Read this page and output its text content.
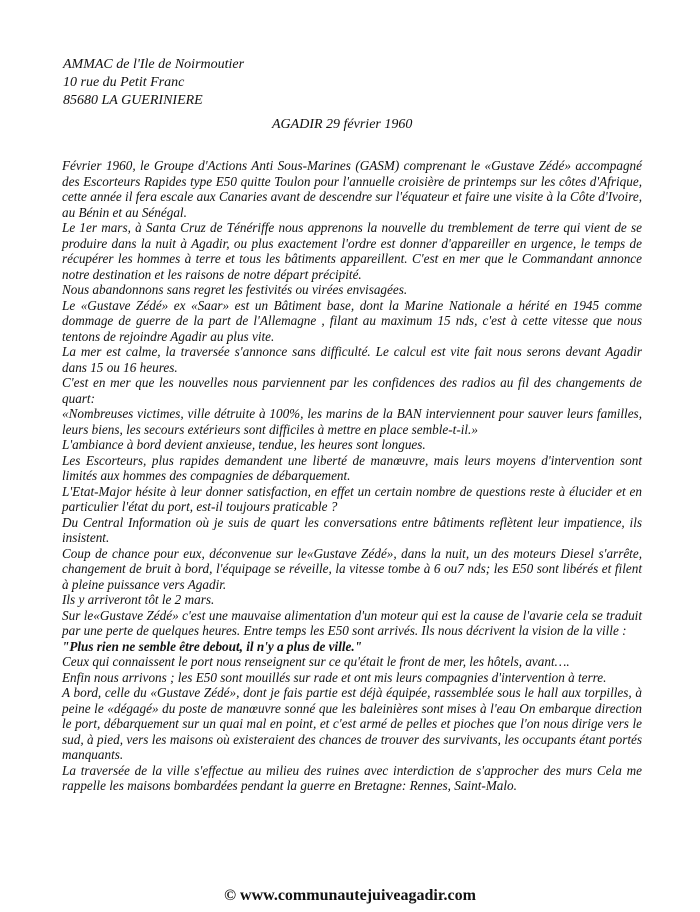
AMMAC de l'Ile de Noirmoutier
10 rue du Petit Franc
85680 LA GUERINIERE
AGADIR 29 février 1960

Février 1960, le Groupe d'Actions Anti Sous-Marines (GASM) comprenant le «Gustave Zédé» accompagné des Escorteurs Rapides type E50 quitte Toulon pour l'annuelle croisière de printemps sur les côtes d'Afrique, cette année il fera escale aux Canaries avant de descendre sur l'équateur et faire une visite à la Côte d'Ivoire, au Bénin et au Sénégal.

Le 1er mars, à Santa Cruz de Ténériffe nous apprenons la nouvelle du tremblement de terre qui vient de se produire dans la nuit à Agadir, ou plus exactement l'ordre est donner d'appareiller en urgence, le temps de récupérer les hommes à terre et tous les bâtiments appareillent. C'est en mer que le Commandant annonce notre destination et les raisons de notre départ précipité.

Nous abandonnons sans regret les festivités ou virées envisagées.

Le «Gustave Zédé» ex «Saar» est un Bâtiment base, dont la Marine Nationale a hérité en 1945 comme dommage de guerre de la part de l'Allemagne , filant au maximum 15 nds, c'est à cette vitesse que nous tentons de rejoindre Agadir au plus vite.

La mer est calme, la traversée s'annonce sans difficulté. Le calcul est vite fait nous serons devant Agadir dans 15 ou 16 heures.

C'est en mer que les nouvelles nous parviennent par les confidences des radios au fil des changements de quart:

«Nombreuses victimes, ville détruite à 100%, les marins de la BAN interviennent pour sauver leurs familles, leurs biens, les secours extérieurs sont difficiles à mettre en place semble-t-il.»

L'ambiance à bord devient anxieuse, tendue, les heures sont longues.

Les Escorteurs, plus rapides demandent une liberté de manœuvre, mais leurs moyens d'intervention sont limités aux hommes des compagnies de débarquement.

L'Etat-Major hésite à leur donner satisfaction, en effet un certain nombre de questions reste à élucider et en particulier l'état du port, est-il toujours praticable ?

Du Central Information où je suis de quart les conversations entre bâtiments reflètent leur impatience, ils insistent.

Coup de chance pour eux, déconvenue sur le«Gustave Zédé», dans la nuit, un des moteurs Diesel s'arrête, changement de bruit à bord, l'équipage se réveille, la vitesse tombe à 6 ou7 nds; les E50 sont libérés et filent à pleine puissance vers Agadir.

Ils y arriveront tôt le 2 mars.

Sur le«Gustave Zédé» c'est une mauvaise alimentation d'un moteur qui est la cause de l'avarie cela se traduit par une perte de quelques heures. Entre temps les E50 sont arrivés. Ils nous décrivent la vision de la ville :

"Plus rien ne semble être debout, il n'y a plus de ville."

Ceux qui connaissent le port nous renseignent sur ce qu'était le front de mer, les hôtels, avant….

Enfin nous arrivons ; les E50 sont mouillés sur rade et ont mis leurs compagnies d'intervention à terre.

A bord, celle du «Gustave Zédé», dont je fais partie est déjà équipée, rassemblée sous le hall aux torpilles, à peine le «dégagé» du poste de manœuvre sonné que les baleinières sont mises à l'eau On embarque direction le port, débarquement sur un quai mal en point, et c'est armé de pelles et pioches que l'on nous dirige vers le sud, à pied, vers les maisons où existeraient des chances de trouver des survivants, les occupants étant portés manquants.

La traversée de la ville s'effectue au milieu des ruines avec interdiction de s'approcher des murs Cela me rappelle les maisons bombardées pendant la guerre en Bretagne: Rennes, Saint-Malo.

© www.communautejuiveagadir.com
